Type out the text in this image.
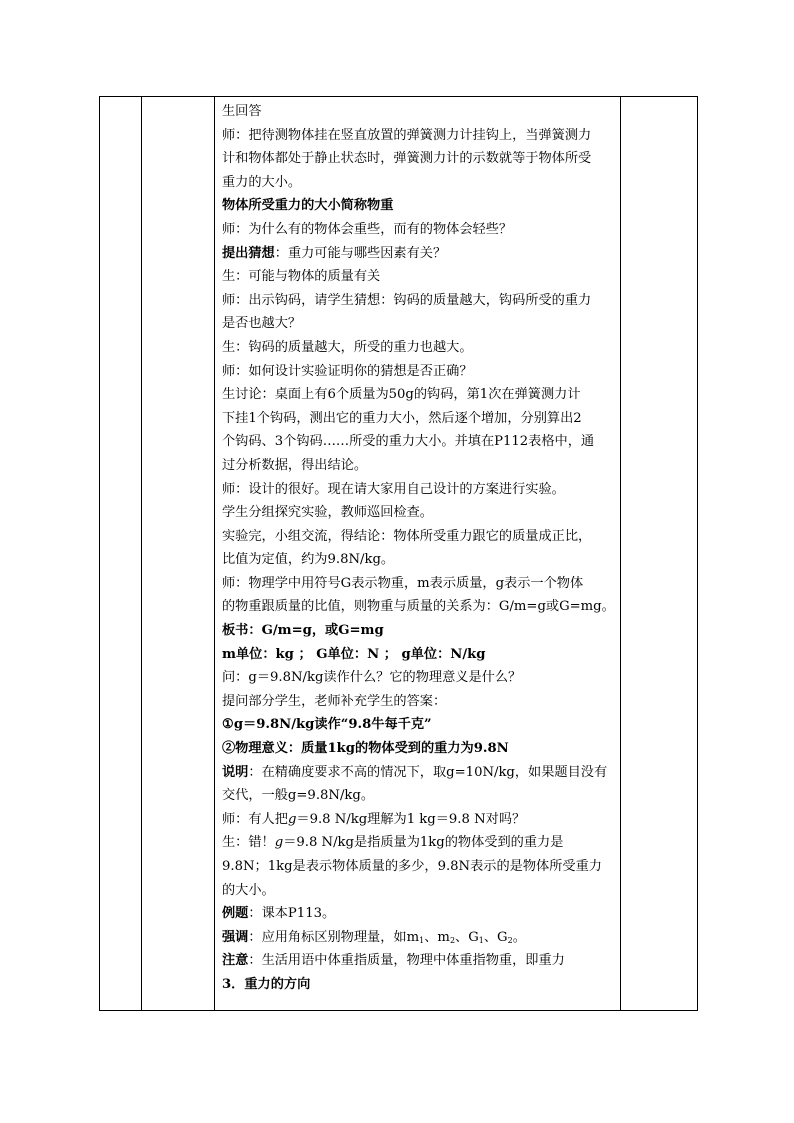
生回答
师：把待测物体挂在竖直放置的弹簧测力计挂钩上，当弹簧测力
计和物体都处于静止状态时，弹簧测力计的示数就等于物体所受
重力的大小。
物体所受重力的大小简称物重
师：为什么有的物体会重些，而有的物体会轻些？
提出猜想：重力可能与哪些因素有关？
生：可能与物体的质量有关
师：出示钩码，请学生猜想：钩码的质量越大，钩码所受的重力
是否也越大？
生：钩码的质量越大，所受的重力也越大。
师：如何设计实验证明你的猜想是否正确？
生讨论：桌面上有6个质量为50g的钩码，第1次在弹簧测力计
下挂1个钩码，测出它的重力大小，然后逐个增加，分别算出2
个钩码、3个钩码……所受的重力大小。并填在P112表格中，通
过分析数据，得出结论。
师：设计的很好。现在请大家用自己设计的方案进行实验。
学生分组探究实验，教师巡回检查。
实验完，小组交流，得结论：物体所受重力跟它的质量成正比，
比值为定值，约为9.8N/kg。
师：物理学中用符号G表示物重，m表示质量，g表示一个物体
的物重跟质量的比值，则物重与质量的关系为：G/m=g或G=mg。
板书：G/m=g，或G=mg
m单位：kg ； G单位：N ； g单位：N/kg
问：g＝9.8N/kg读作什么？它的物理意义是什么？
提问部分学生，老师补充学生的答案：
①g＝9.8N/kg读作“9.8牛每千克”
②物理意义：质量1kg的物体受到的重力为9.8N
说明：在精确度要求不高的情况下，取g=10N/kg，如果题目没有
交代，一般g=9.8N/kg。
师：有人把g＝9.8 N/kg理解为1 kg＝9.8 N对吗？
生：错！g＝9.8 N/kg是指质量为1kg的物体受到的重力是
9.8N；1kg是表示物体质量的多少，9.8N表示的是物体所受重力
的大小。
例题：课本P113。
强调：应用角标区别物理量，如$m_1$、$m_2$、$G_1$、$G_2$。
注意：生活用语中体重指质量，物理中体重指物重，即重力
3．重力的方向
